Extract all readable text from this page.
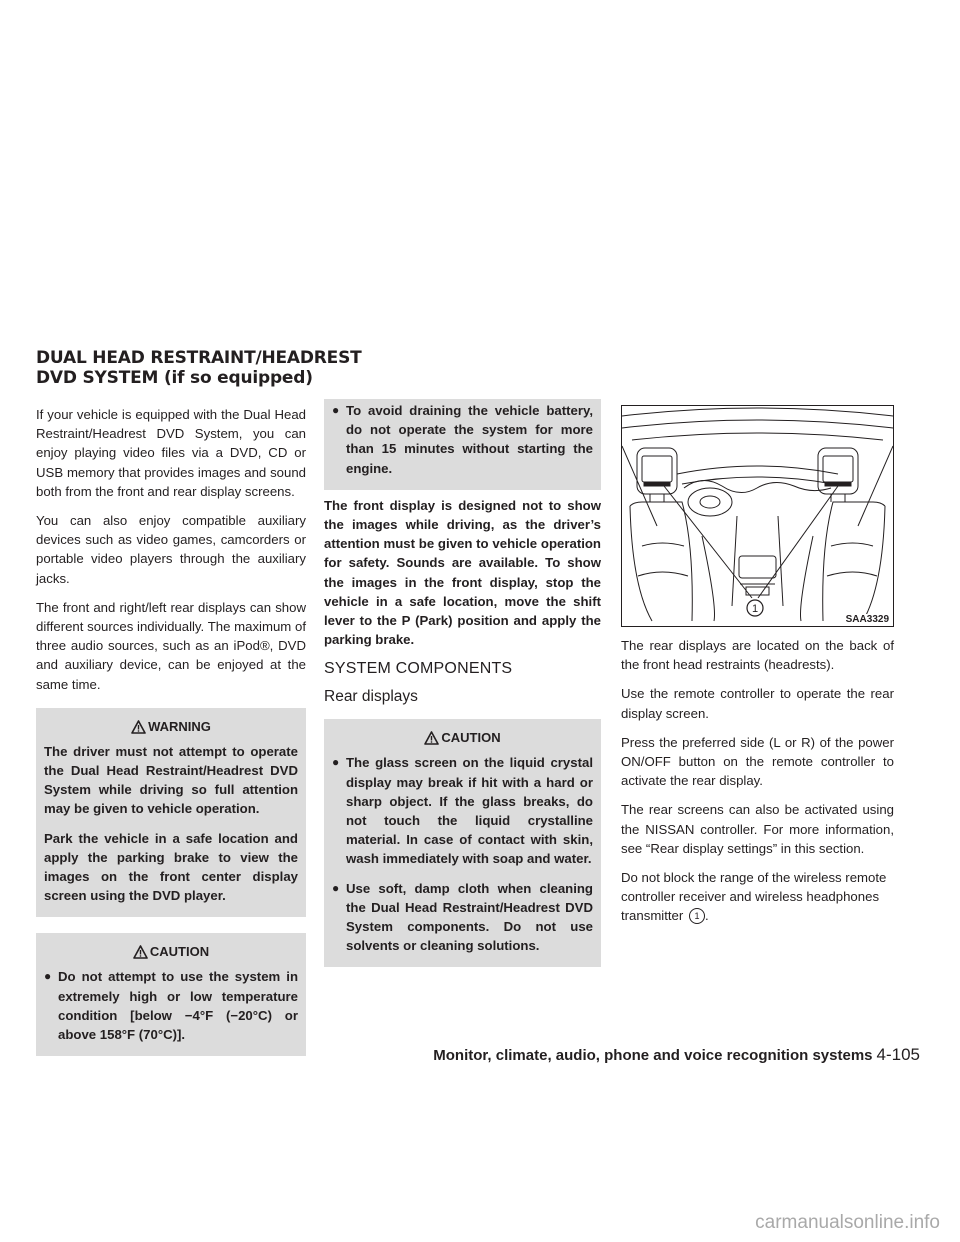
DUAL HEAD RESTRAINT/HEADREST
DVD SYSTEM (if so equipped)

If your vehicle is equipped with the Dual Head Restraint/Headrest DVD System, you can enjoy playing video files via a DVD, CD or USB memory that provides images and sound both from the front and rear display screens.

You can also enjoy compatible auxiliary devices such as video games, camcorders or portable video players through the auxiliary jacks.

The front and right/left rear displays can show different sources individually. The maximum of three audio sources, such as an iPod®, DVD and auxiliary device, can be enjoyed at the same time.

WARNING

The driver must not attempt to operate the Dual Head Restraint/Headrest DVD System while driving so full attention may be given to vehicle operation.

Park the vehicle in a safe location and apply the parking brake to view the images on the front center display screen using the DVD player.

CAUTION
● Do not attempt to use the system in extremely high or low temperature condition [below −4°F (−20°C) or above 158°F (70°C)].
● To avoid draining the vehicle battery, do not operate the system for more than 15 minutes without starting the engine.

The front display is designed not to show the images while driving, as the driver’s attention must be given to vehicle operation for safety. Sounds are available. To show the images in the front display, stop the vehicle in a safe location, move the shift lever to the P (Park) position and apply the parking brake.

SYSTEM COMPONENTS
Rear displays
CAUTION
● The glass screen on the liquid crystal display may break if hit with a hard or sharp object. If the glass breaks, do not touch the liquid crystalline material. In case of contact with skin, wash immediately with soap and water.
● Use soft, damp cloth when cleaning the Dual Head Restraint/Headrest DVD System components. Do not use solvents or cleaning solutions.
1
SAA3329

The rear displays are located on the back of the front head restraints (headrests).

Use the remote controller to operate the rear display screen.

Press the preferred side (L or R) of the power ON/OFF button on the remote controller to activate the rear display.

The rear screens can also be activated using the NISSAN controller. For more information, see “Rear display settings” in this section.

Do not block the range of the wireless remote controller receiver and wireless headphones transmitter 1 .

Monitor, climate, audio, phone and voice recognition systems 4-105
carmanualsonline.info
